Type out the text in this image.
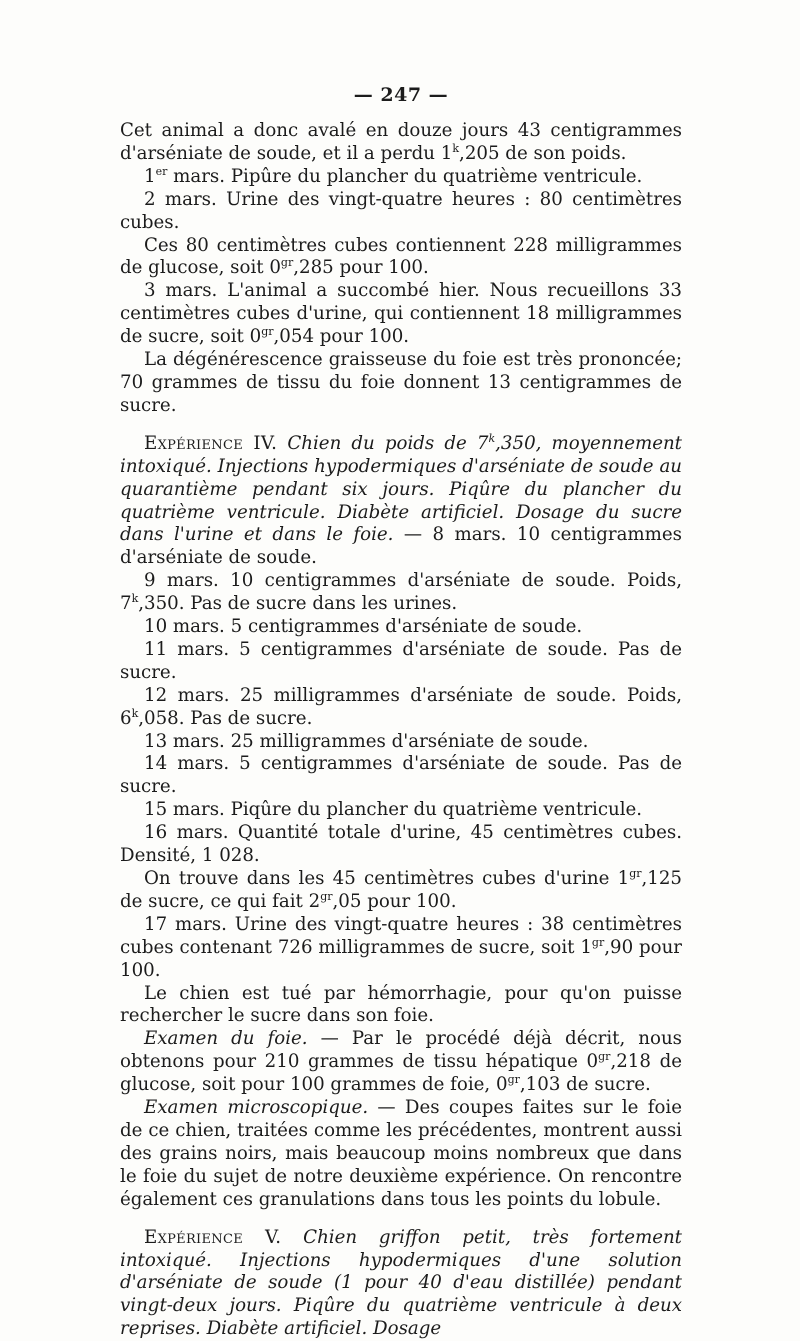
— 247 —

Cet animal a donc avalé en douze jours 43 centigrammes d'arséniate de soude, et il a perdu 1$^k$,205 de son poids.

1er mars. Pipûre du plancher du quatrième ventricule.

2 mars. Urine des vingt-quatre heures : 80 centimètres cubes.

Ces 80 centimètres cubes contiennent 228 milligrammes de glucose, soit $0^{gr},285$ pour 100.

3 mars. L'animal a succombé hier. Nous recueillons 33 centimètres cubes d'urine, qui contiennent 18 milligrammes de sucre, soit $0^{gr},054$ pour 100.

La dégénérescence graisseuse du foie est très prononcée; 70 grammes de tissu du foie donnent 13 centigrammes de sucre.

Expérience IV. Chien du poids de 7$^k$,350, moyennement intoxiqué. Injections hypodermiques d'arséniate de soude au quarantième pendant six jours. Piqûre du plancher du quatrième ventricule. Diabète artificiel. Dosage du sucre dans l'urine et dans le foie. — 8 mars. 10 centigrammes d'arséniate de soude.

9 mars. 10 centigrammes d'arséniate de soude. Poids, 7$^k$,350. Pas de sucre dans les urines.

10 mars. 5 centigrammes d'arséniate de soude.

11 mars. 5 centigrammes d'arséniate de soude. Pas de sucre.

12 mars. 25 milligrammes d'arséniate de soude. Poids, 6$^k$,058. Pas de sucre.

13 mars. 25 milligrammes d'arséniate de soude.

14 mars. 5 centigrammes d'arséniate de soude. Pas de sucre.

15 mars. Piqûre du plancher du quatrième ventricule.

16 mars. Quantité totale d'urine, 45 centimètres cubes. Densité, 1 028.

On trouve dans les 45 centimètres cubes d'urine $1^{gr},125$ de sucre, ce qui fait $2^{gr},05$ pour 100.

17 mars. Urine des vingt-quatre heures : 38 centimètres cubes contenant 726 milligrammes de sucre, soit $1^{gr},90$ pour 100.

Le chien est tué par hémorrhagie, pour qu'on puisse rechercher le sucre dans son foie.

Examen du foie. — Par le procédé déjà décrit, nous obtenons pour 210 grammes de tissu hépatique $0^{gr},218$ de glucose, soit pour 100 grammes de foie, $0^{gr},103$ de sucre.

Examen microscopique. — Des coupes faites sur le foie de ce chien, traitées comme les précédentes, montrent aussi des grains noirs, mais beaucoup moins nombreux que dans le foie du sujet de notre deuxième expérience. On rencontre également ces granulations dans tous les points du lobule.

Expérience V. Chien griffon petit, très fortement intoxiqué. Injections hypodermiques d'une solution d'arséniate de soude (1 pour 40 d'eau distillée) pendant vingt-deux jours. Piqûre du quatrième ventricule à deux reprises. Diabète artificiel. Dosage
